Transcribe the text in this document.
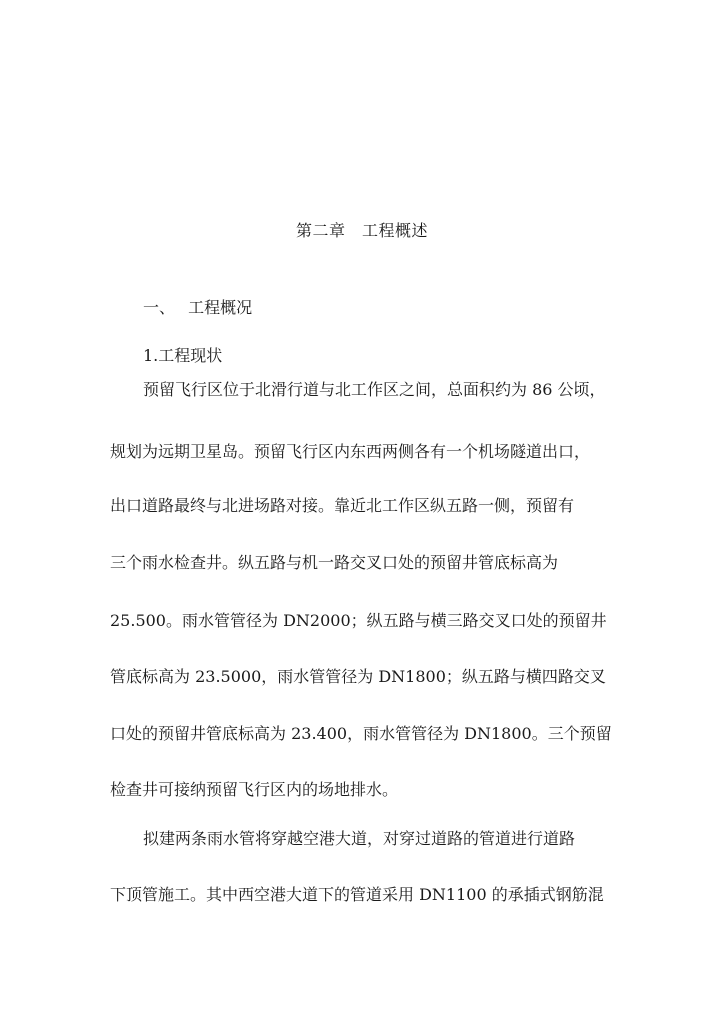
第二章　工程概述
一、 工程概况
1.工程现状
预留飞行区位于北滑行道与北工作区之间，总面积约为 86 公顷，
规划为远期卫星岛。预留飞行区内东西两侧各有一个机场隧道出口，
出口道路最终与北进场路对接。靠近北工作区纵五路一侧，预留有
三个雨水检查井。纵五路与机一路交叉口处的预留井管底标高为
25.500。雨水管管径为 DN2000；纵五路与横三路交叉口处的预留井
管底标高为 23.5000，雨水管管径为 DN1800；纵五路与横四路交叉
口处的预留井管底标高为 23.400，雨水管管径为 DN1800。三个预留
检查井可接纳预留飞行区内的场地排水。
拟建两条雨水管将穿越空港大道，对穿过道路的管道进行道路
下顶管施工。其中西空港大道下的管道采用 DN1100 的承插式钢筋混
